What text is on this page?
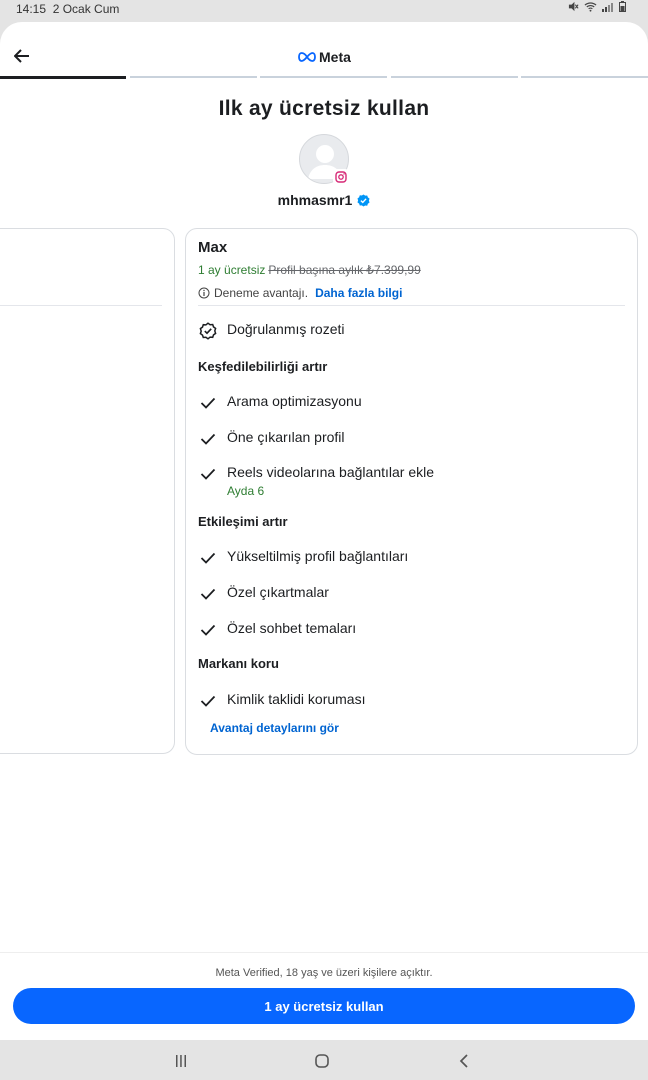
14:15 2 Ocak Cum
Meta
Ilk ay ücretsiz kullan
mhmasmr1
Max
1 ay ücretsiz Profil başına aylık ₺7.399,99
Deneme avantajı. Daha fazla bilgi
Doğrulanmış rozeti
Keşfedilebilirliği artır
Arama optimizasyonu
Öne çıkarılan profil
Reels videolarına bağlantılar ekle
Ayda 6
Etkileşimi artır
Yükseltilmiş profil bağlantıları
Özel çıkartmalar
Özel sohbet temaları
Markanı koru
Kimlik taklidi koruması
Avantaj detaylarını gör
Meta Verified, 18 yaş ve üzeri kişilere açıktır.
1 ay ücretsiz kullan
